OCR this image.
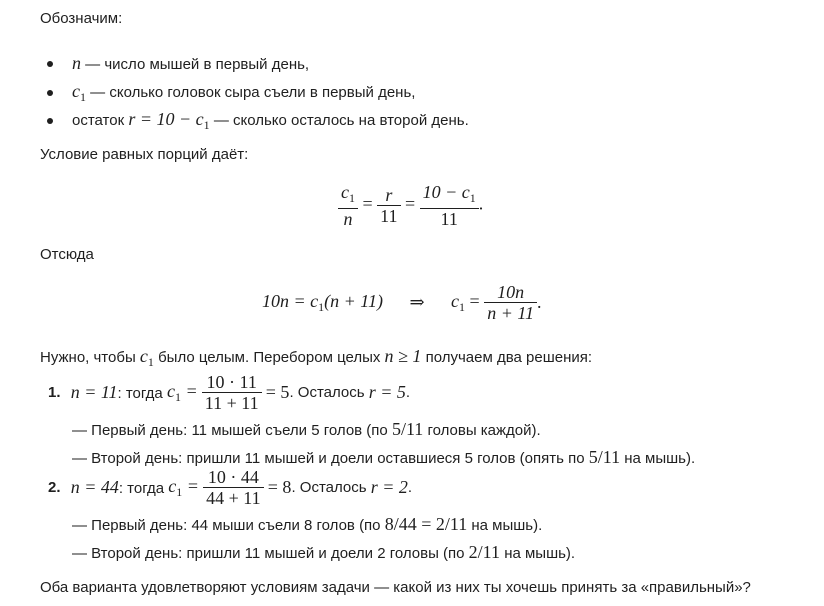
Обозначим:
n — число мышей в первый день,
$c_1$ — сколько головок сыра съели в первый день,
остаток $r = 10 - c_1$ — сколько осталось на второй день.
Условие равных порций даёт:
$\frac{c_1}{n} = \frac{r}{11} = \frac{10 - c_1}{11}$ .
Отсюда
$10n = c_1(n + 11)$ ⇒ $c_1 = \frac{10n}{n + 11}$ .
Нужно, чтобы $c_1$ было целым. Перебором целых n ≥ 1 получаем два решения:
1. n = 11: тогда $c_1 = \frac{10 \cdot 11}{11 + 11} = 5$. Осталось r = 5.
— Первый день: 11 мышей съели 5 голов (по 5/11 головы каждой).
— Второй день: пришли 11 мышей и доели оставшиеся 5 голов (опять по 5/11 на мышь).
2. n = 44: тогда $c_1 = \frac{10 \cdot 44}{44 + 11} = 8$. Осталось r = 2.
— Первый день: 44 мыши съели 8 голов (по 8/44 = 2/11 на мышь).
— Второй день: пришли 11 мышей и доели 2 головы (по 2/11 на мышь).
Оба варианта удовлетворяют условиям задачи — какой из них ты хочешь принять за «правильный»?
